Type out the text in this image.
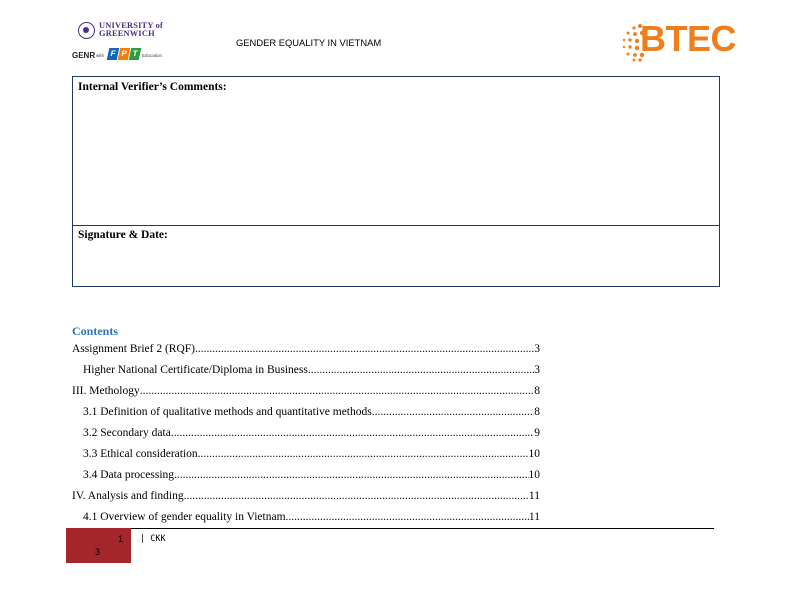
UNIVERSITY of
GREENWICH
GENR with F P T Education
GENDER EQUALITY IN VIETNAM	BTEC
Internal Verifier’s Comments:
Signature & Date:
Contents
Assignment Brief 2 (RQF) .....	3
Higher National Certificate/Diploma in Business .....	3
III. Methology .....	8
3.1 Definition of qualitative methods and quantitative methods .....	8
3.2 Secondary data .....	9
3.3 Ethical consideration .....	10
3.4 Data processing .....	10
IV. Analysis and finding .....	11
4.1 Overview of gender equality in Vietnam .....	11
1
3
| CKK
